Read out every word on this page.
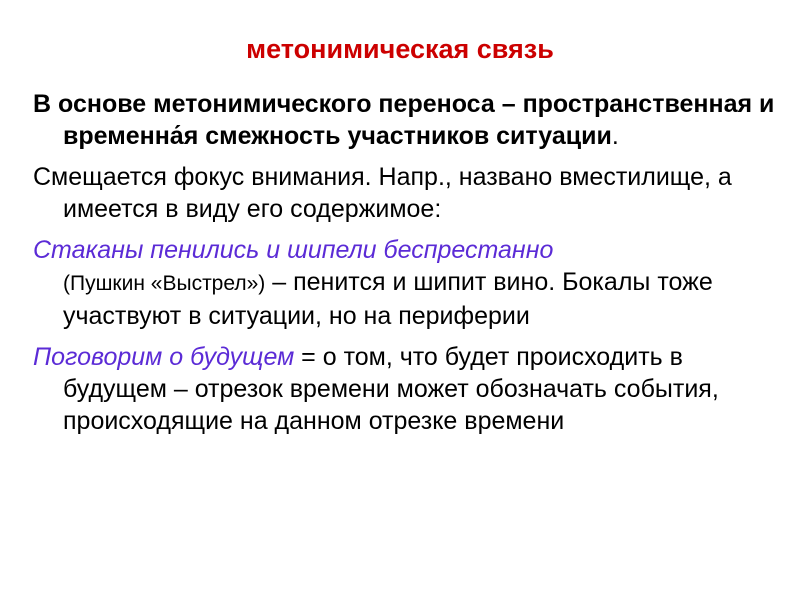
метонимическая связь

В основе метонимического переноса – пространственная и временна́я смежность участников ситуации.

Смещается фокус внимания. Напр., названо вместилище, а имеется в виду его содержимое:

Стаканы пенились и шипели беспрестанно
(Пушкин «Выстрел») – пенится и шипит вино. Бокалы тоже участвуют в ситуации, но на периферии

Поговорим о будущем = о том, что будет происходить в будущем – отрезок времени может обозначать события, происходящие на данном отрезке времени
